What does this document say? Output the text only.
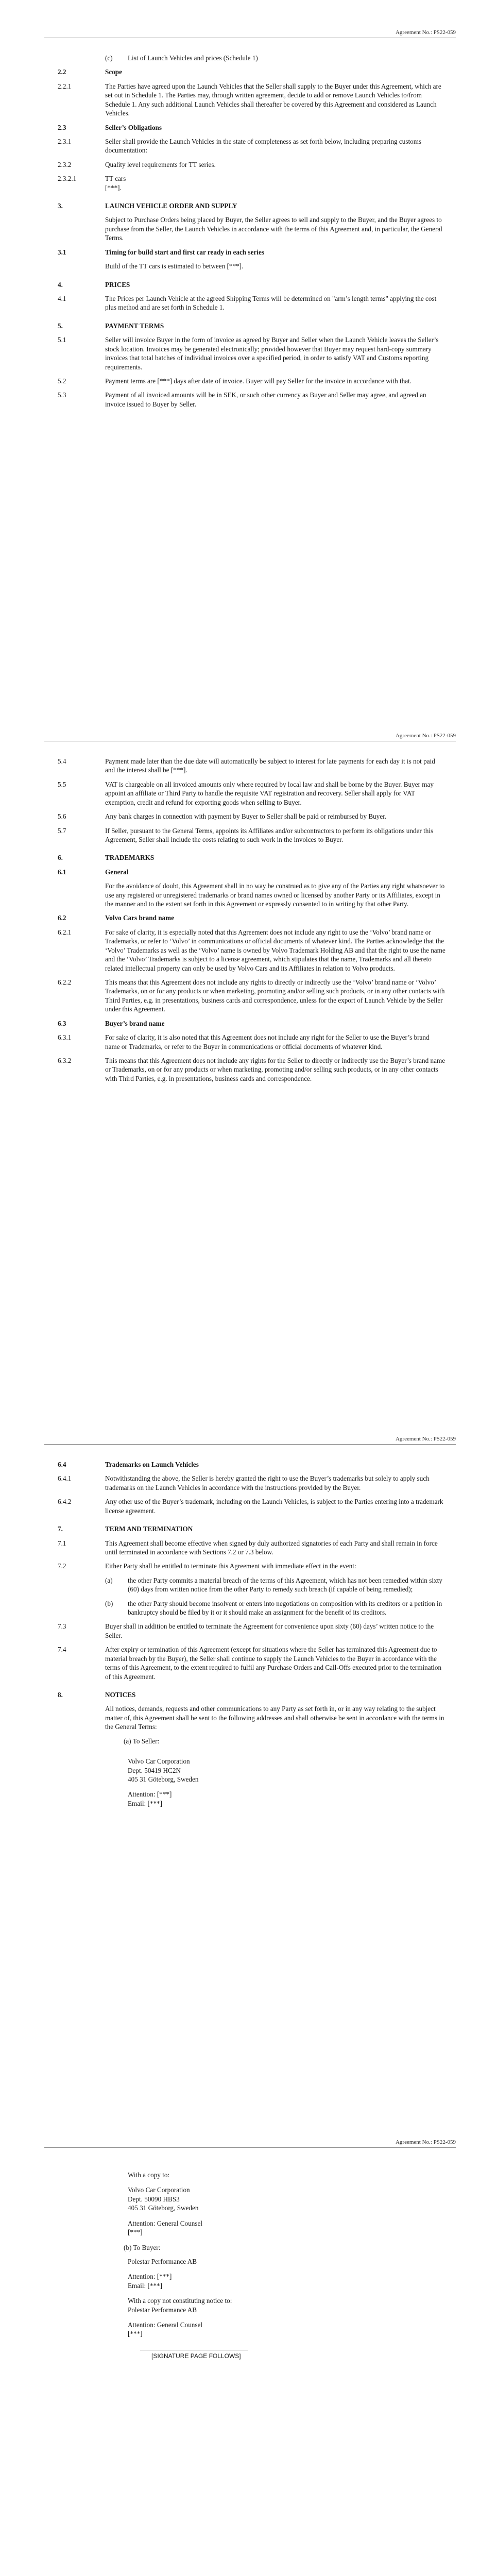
Agreement No.: PS22-059
(c) List of Launch Vehicles and prices (Schedule 1)
2.2	Scope
2.2.1	The Parties have agreed upon the Launch Vehicles that the Seller shall supply to the Buyer under this Agreement, which are set out in Schedule 1. The Parties may, through written agreement, decide to add or remove Launch Vehicles to/from Schedule 1. Any such additional Launch Vehicles shall thereafter be covered by this Agreement and considered as Launch Vehicles.

2.3	Seller’s Obligations
2.3.1	Seller shall provide the Launch Vehicles in the state of completeness as set forth below, including preparing customs documentation:

2.3.2	Quality level requirements for TT series.

2.3.2.1	TT cars
[***].
3.	LAUNCH VEHICLE ORDER AND SUPPLY

Subject to Purchase Orders being placed by Buyer, the Seller agrees to sell and supply to the Buyer, and the Buyer agrees to purchase from the Seller, the Launch Vehicles in accordance with the terms of this Agreement and, in particular, the General Terms.

3.1	Timing for build start and first car ready in each series

Build of the TT cars is estimated to between [***].

4.	PRICES
4.1	The Prices per Launch Vehicle at the agreed Shipping Terms will be determined on "arm’s length terms" applying the cost plus method and are set forth in Schedule 1.

5.	PAYMENT TERMS
5.1	Seller will invoice Buyer in the form of invoice as agreed by Buyer and Seller when the Launch Vehicle leaves the Seller’s stock location. Invoices may be generated electronically; provided however that Buyer may request hard-copy summary invoices that total batches of individual invoices over a specified period, in order to satisfy VAT and Customs reporting requirements.

5.2	Payment terms are [***] days after date of invoice. Buyer will pay Seller for the invoice in accordance with that.

5.3	Payment of all invoiced amounts will be in SEK, or such other currency as Buyer and Seller may agree, and agreed an invoice issued to Buyer by Seller.

Agreement No.: PS22-059
5.4	Payment made later than the due date will automatically be subject to interest for late payments for each day it is not paid and the interest shall be [***].

5.5	VAT is chargeable on all invoiced amounts only where required by local law and shall be borne by the Buyer. Buyer may appoint an affiliate or Third Party to handle the requisite VAT registration and recovery. Seller shall apply for VAT exemption, credit and refund for exporting goods when selling to Buyer.

5.6	Any bank charges in connection with payment by Buyer to Seller shall be paid or reimbursed by Buyer.

5.7	If Seller, pursuant to the General Terms, appoints its Affiliates and/or subcontractors to perform its obligations under this Agreement, Seller shall include the costs relating to such work in the invoices to Buyer.

6.	TRADEMARKS
6.1	General

For the avoidance of doubt, this Agreement shall in no way be construed as to give any of the Parties any right whatsoever to use any registered or unregistered trademarks or brand names owned or licensed by another Party or its Affiliates, except in the manner and to the extent set forth in this Agreement or expressly consented to in writing by that other Party.

6.2	Volvo Cars brand name
6.2.1	For sake of clarity, it is especially noted that this Agreement does not include any right to use the ‘Volvo’ brand name or Trademarks, or refer to ‘Volvo’ in communications or official documents of whatever kind. The Parties acknowledge that the ‘Volvo’ Trademarks as well as the ‘Volvo’ name is owned by Volvo Trademark Holding AB and that the right to use the name and the ‘Volvo’ Trademarks is subject to a license agreement, which stipulates that the name, Trademarks and all thereto related intellectual property can only be used by Volvo Cars and its Affiliates in relation to Volvo products.

6.2.2	This means that this Agreement does not include any rights to directly or indirectly use the ‘Volvo’ brand name or ‘Volvo’ Trademarks, on or for any products or when marketing, promoting and/or selling such products, or in any other contacts with Third Parties, e.g. in presentations, business cards and correspondence, unless for the export of Launch Vehicle by the Seller under this Agreement.

6.3	Buyer’s brand name
6.3.1	For sake of clarity, it is also noted that this Agreement does not include any right for the Seller to use the Buyer’s brand name or Trademarks, or refer to the Buyer in communications or official documents of whatever kind.

6.3.2	This means that this Agreement does not include any rights for the Seller to directly or indirectly use the Buyer’s brand name or Trademarks, on or for any products or when marketing, promoting and/or selling such products, or in any other contacts with Third Parties, e.g. in presentations, business cards and correspondence.

Agreement No.: PS22-059
6.4	Trademarks on Launch Vehicles
6.4.1	Notwithstanding the above, the Seller is hereby granted the right to use the Buyer’s trademarks but solely to apply such trademarks on the Launch Vehicles in accordance with the instructions provided by the Buyer.

6.4.2	Any other use of the Buyer’s trademark, including on the Launch Vehicles, is subject to the Parties entering into a trademark license agreement.

7.	TERM AND TERMINATION
7.1	This Agreement shall become effective when signed by duly authorized signatories of each Party and shall remain in force until terminated in accordance with Sections 7.2 or 7.3 below.

7.2	Either Party shall be entitled to terminate this Agreement with immediate effect in the event:

(a) the other Party commits a material breach of the terms of this Agreement, which has not been remedied within sixty (60) days from written notice from the other Party to remedy such breach (if capable of being remedied);

(b) the other Party should become insolvent or enters into negotiations on composition with its creditors or a petition in bankruptcy should be filed by it or it should make an assignment for the benefit of its creditors.

7.3	Buyer shall in addition be entitled to terminate the Agreement for convenience upon sixty (60) days’ written notice to the Seller.

7.4	After expiry or termination of this Agreement (except for situations where the Seller has terminated this Agreement due to material breach by the Buyer), the Seller shall continue to supply the Launch Vehicles to the Buyer in accordance with the terms of this Agreement, to the extent required to fulfil any Purchase Orders and Call-Offs executed prior to the termination of this Agreement.

8.	NOTICES

All notices, demands, requests and other communications to any Party as set forth in, or in any way relating to the subject matter of, this Agreement shall be sent to the following addresses and shall otherwise be sent in accordance with the terms in the General Terms:

(a) To Seller:
Volvo Car Corporation
Dept. 50419 HC2N
405 31 Göteborg, Sweden
Attention: [***]
Email: [***]
Agreement No.: PS22-059
With a copy to:
Volvo Car Corporation
Dept. 50090 HBS3
405 31 Göteborg, Sweden
Attention: General Counsel
[***]
(b) To Buyer:
Polestar Performance AB
Attention: [***]
Email: [***]
With a copy not constituting notice to:
Polestar Performance AB
Attention: General Counsel
[***]
[SIGNATURE PAGE FOLLOWS]
